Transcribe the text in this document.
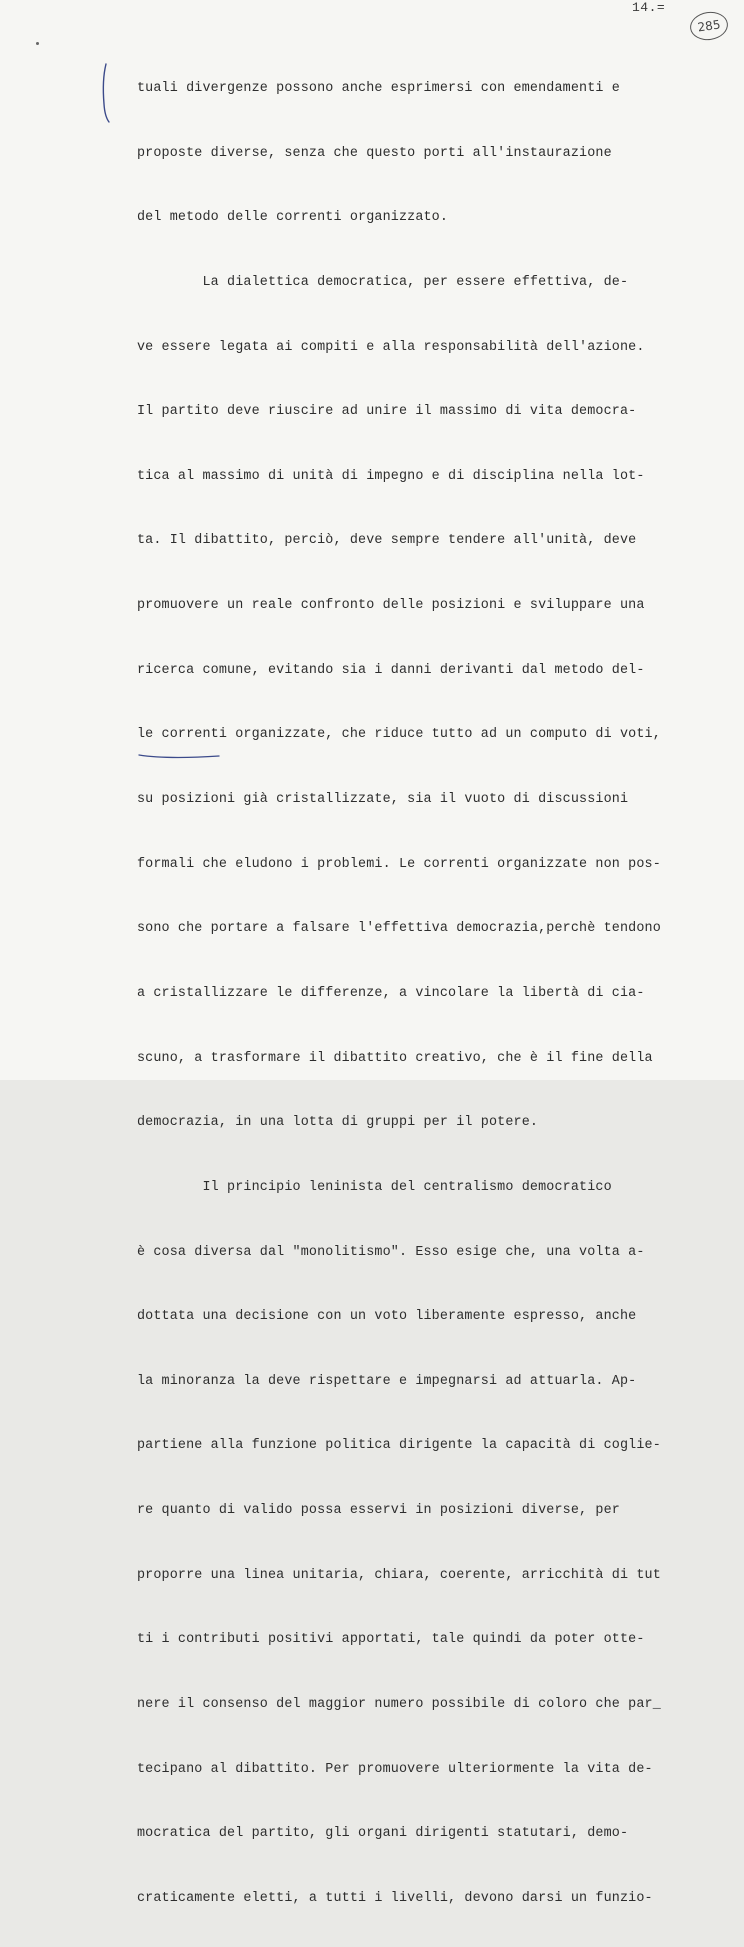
14.=
285

tuali divergenze possono anche esprimersi con emendamenti e

proposte diverse, senza che questo porti all'instaurazione

del metodo delle correnti organizzato.

La dialettica democratica, per essere effettiva, de-

ve essere legata ai compiti e alla responsabilità dell'azione.

Il partito deve riuscire ad unire il massimo di vita democra-

tica al massimo di unità di impegno e di disciplina nella lot-

ta. Il dibattito, perciò, deve sempre tendere all'unità, deve

promuovere un reale confronto delle posizioni e sviluppare una

ricerca comune, evitando sia i danni derivanti dal metodo del-

le correnti organizzate, che riduce tutto ad un computo di voti,

su posizioni già cristallizzate, sia il vuoto di discussioni

formali che eludono i problemi. Le correnti organizzate non pos-

sono che portare a falsare l'effettiva democrazia,perchè tendono

a cristallizzare le differenze, a vincolare la libertà di cia-

scuno, a trasformare il dibattito creativo, che è il fine della

democrazia, in una lotta di gruppi per il potere.

Il principio leninista del centralismo democratico

è cosa diversa dal "monolitismo". Esso esige che, una volta a-

dottata una decisione con un voto liberamente espresso, anche

la minoranza la deve rispettare e impegnarsi ad attuarla. Ap-

partiene alla funzione politica dirigente la capacità di coglie-

re quanto di valido possa esservi in posizioni diverse, per

proporre una linea unitaria, chiara, coerente, arricchità di tut

ti i contributi positivi apportati, tale quindi da poter otte-

nere il consenso del maggior numero possibile di coloro che par_

tecipano al dibattito. Per promuovere ulteriormente la vita de-

mocratica del partito, gli organi dirigenti statutari, demo-

craticamente eletti, a tutti i livelli, devono darsi un funzio-
